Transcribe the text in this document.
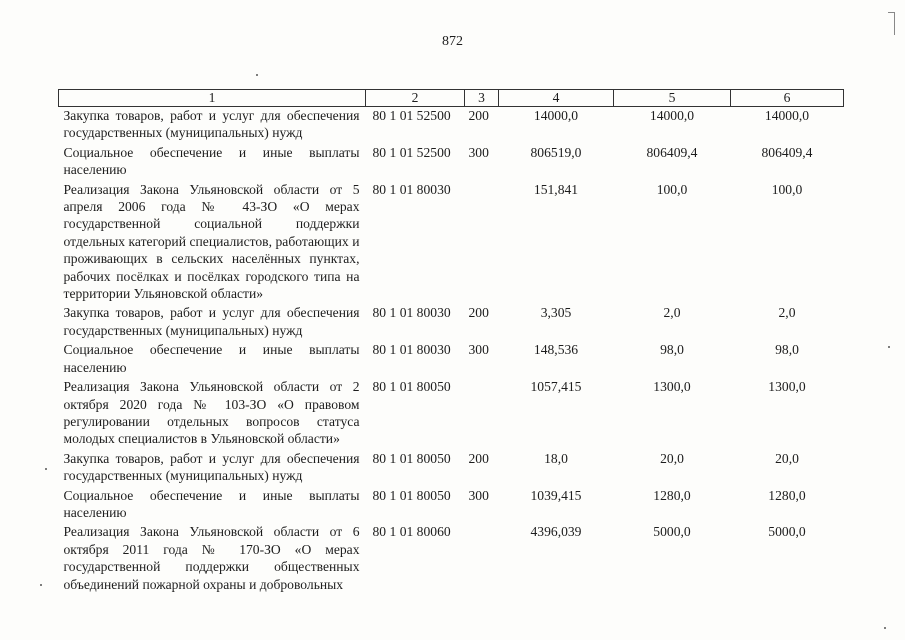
872
1	2	3	4	5	6
Закупка товаров, работ и услуг для обеспечения государственных (муниципальных) нужд	80 1 01 52500	200	14000,0	14000,0	14000,0
Социальное обеспечение и иные выплаты населению	80 1 01 52500	300	806519,0	806409,4	806409,4
Реализация Закона Ульяновской области от 5 апреля 2006 года № 43-ЗО «О мерах государственной социальной поддержки отдельных категорий специалистов, работающих и проживающих в сельских населённых пунктах, рабочих посёлках и посёлках городского типа на территории Ульяновской области»	80 1 01 80030		151,841	100,0	100,0
Закупка товаров, работ и услуг для обеспечения государственных (муниципальных) нужд	80 1 01 80030	200	3,305	2,0	2,0
Социальное обеспечение и иные выплаты населению	80 1 01 80030	300	148,536	98,0	98,0
Реализация Закона Ульяновской области от 2 октября 2020 года № 103-ЗО «О правовом регулировании отдельных вопросов статуса молодых специалистов в Ульяновской области»	80 1 01 80050		1057,415	1300,0	1300,0
Закупка товаров, работ и услуг для обеспечения государственных (муниципальных) нужд	80 1 01 80050	200	18,0	20,0	20,0
Социальное обеспечение и иные выплаты населению	80 1 01 80050	300	1039,415	1280,0	1280,0
Реализация Закона Ульяновской области от 6 октября 2011 года № 170-ЗО «О мерах государственной поддержки общественных объединений пожарной охраны и добровольных	80 1 01 80060		4396,039	5000,0	5000,0
